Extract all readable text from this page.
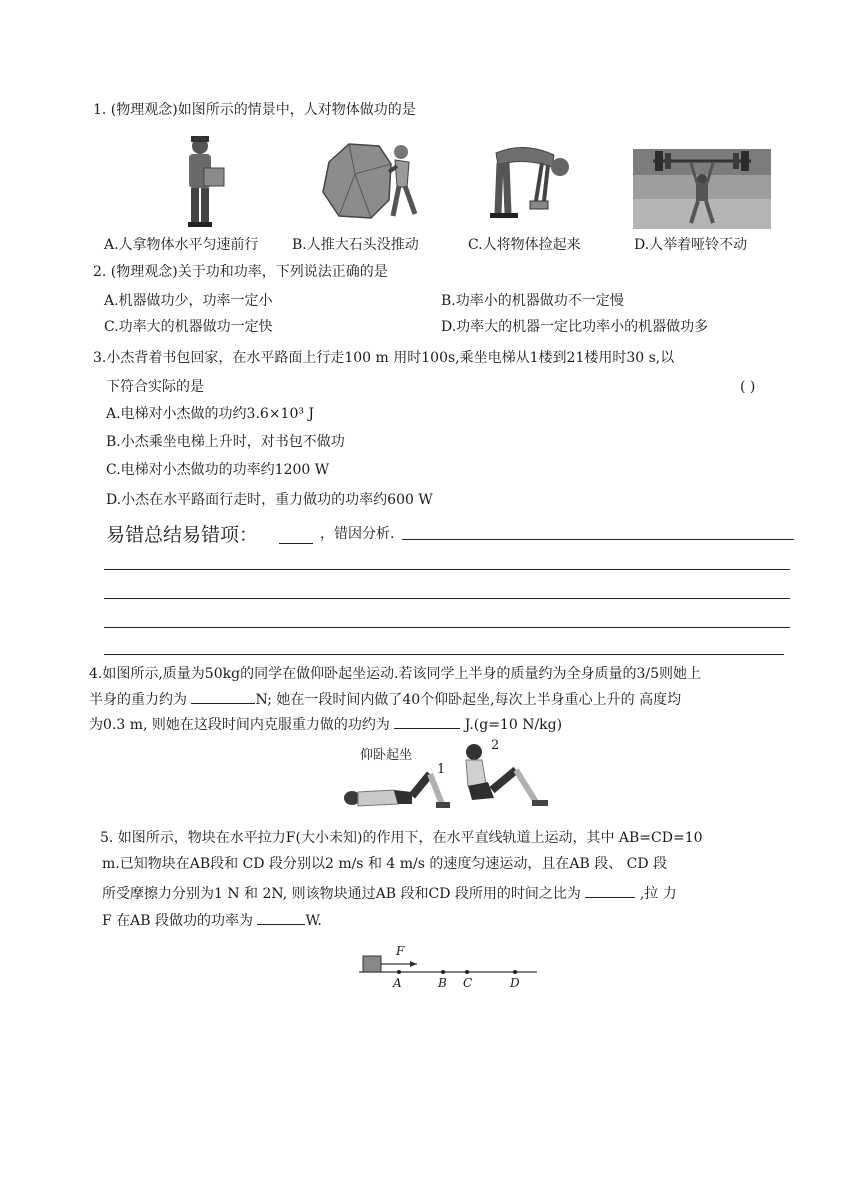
1. (物理观念)如图所示的情景中，人对物体做功的是
A.人拿物体水平匀速前行 B.人推大石头没推动	C.人将物体捡起来	D.人举着哑铃不动
2. (物理观念)关于功和功率，下列说法正确的是
A.机器做功少，功率一定小	B.功率小的机器做功不一定慢
C.功率大的机器做功一定快	D.功率大的机器一定比功率小的机器做功多
3.小杰背着书包回家，在水平路面上行走100 m 用时100s,乘坐电梯从1楼到21楼用时30 s,以
下符合实际的是	( )
A.电梯对小杰做的功约3.6×10³ J
B.小杰乘坐电梯上升时，对书包不做功
C.电梯对小杰做功的功率约1200 W
D.小杰在水平路面行走时，重力做功的功率约600 W
易错总结易错项：	，错因分析.
4.如图所示,质量为50kg的同学在做仰卧起坐运动.若该同学上半身的质量约为全身质量的3/5则她上
半身的重力约为	N; 她在一段时间内做了40个仰卧起坐,每次上半身重心上升的 高度均
为0.3 m, 则她在这段时间内克服重力做的功约为	J.(g=10 N/kg)
仰卧起坐
1
2
5. 如图所示，物块在水平拉力F(大小未知)的作用下，在水平直线轨道上运动，其中 AB=CD=10
m.已知物块在AB段和 CD 段分别以2 m/s 和 4 m/s 的速度匀速运动，且在AB 段、 CD 段
所受摩擦力分别为1 N 和 2N, 则该物块通过AB 段和CD 段所用的时间之比为	,拉 力
F 在AB 段做功的功率为	W.
F
A	B C	D
